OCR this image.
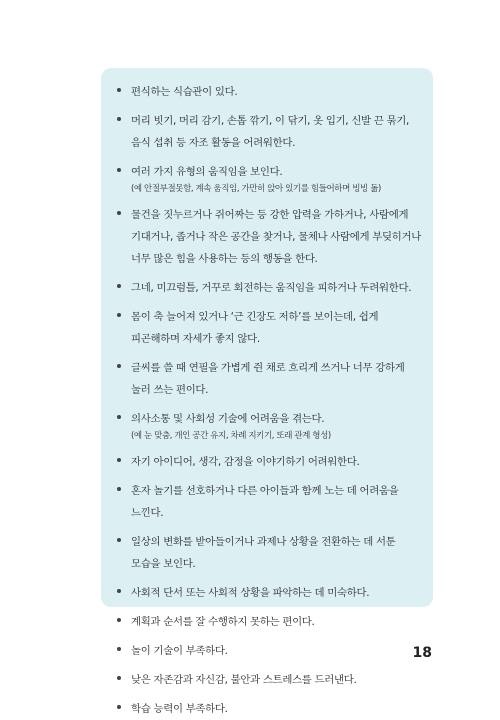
편식하는 식습관이 있다.
머리 빗기, 머리 감기, 손톱 깎기, 이 닦기, 옷 입기, 신발 끈 묶기, 음식 섭취 등 자조 활동을 어려워한다.
여러 가지 유형의 움직임을 보인다.
(예 안절부절못함, 계속 움직임, 가만히 앉아 있기를 힘들어하며 빙빙 돎)
물건을 짓누르거나 쥐어짜는 등 강한 압력을 가하거나, 사람에게 기대거나, 좁거나 작은 공간을 찾거나, 물체나 사람에게 부딪히거나 너무 많은 힘을 사용하는 등의 행동을 한다.
그네, 미끄럼틀, 거꾸로 회전하는 움직임을 피하거나 두려워한다.
몸이 축 늘어져 있거나 ‘근 긴장도 저하’를 보이는데, 쉽게 피곤해하며 자세가 좋지 않다.
글씨를 쓸 때 연필을 가볍게 쥔 채로 흐리게 쓰거나 너무 강하게 눌러 쓰는 편이다.
의사소통 및 사회성 기술에 어려움을 겪는다.
(예 눈 맞춤, 개인 공간 유지, 차례 지키기, 또래 관계 형성)
자기 아이디어, 생각, 감정을 이야기하기 어려워한다.
혼자 놀기를 선호하거나 다른 아이들과 함께 노는 데 어려움을 느낀다.
일상의 변화를 받아들이거나 과제나 상황을 전환하는 데 서툰 모습을 보인다.
사회적 단서 또는 사회적 상황을 파악하는 데 미숙하다.
계획과 순서를 잘 수행하지 못하는 편이다.
놀이 기술이 부족하다.
낮은 자존감과 자신감, 불안과 스트레스를 드러낸다.
학습 능력이 부족하다.
18
